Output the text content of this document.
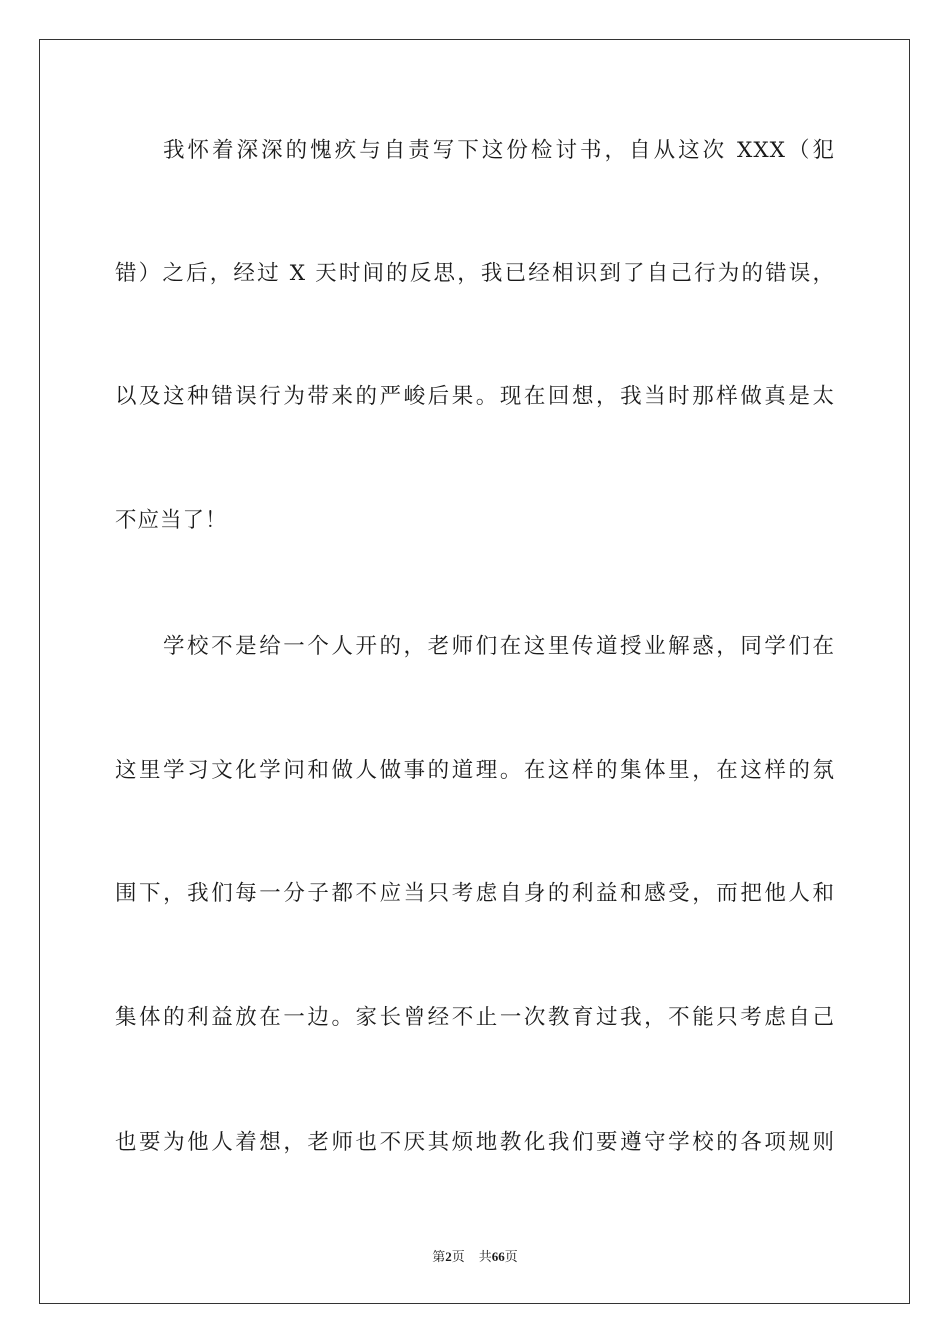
我怀着深深的愧疚与自责写下这份检讨书，自从这次 XXX（犯
错）之后，经过 X 天时间的反思，我已经相识到了自己行为的错误，
以及这种错误行为带来的严峻后果。现在回想，我当时那样做真是太
不应当了！
学校不是给一个人开的，老师们在这里传道授业解惑，同学们在
这里学习文化学问和做人做事的道理。在这样的集体里，在这样的氛
围下，我们每一分子都不应当只考虑自身的利益和感受，而把他人和
集体的利益放在一边。家长曾经不止一次教育过我，不能只考虑自己
也要为他人着想，老师也不厌其烦地教化我们要遵守学校的各项规则
第2页 共66页
